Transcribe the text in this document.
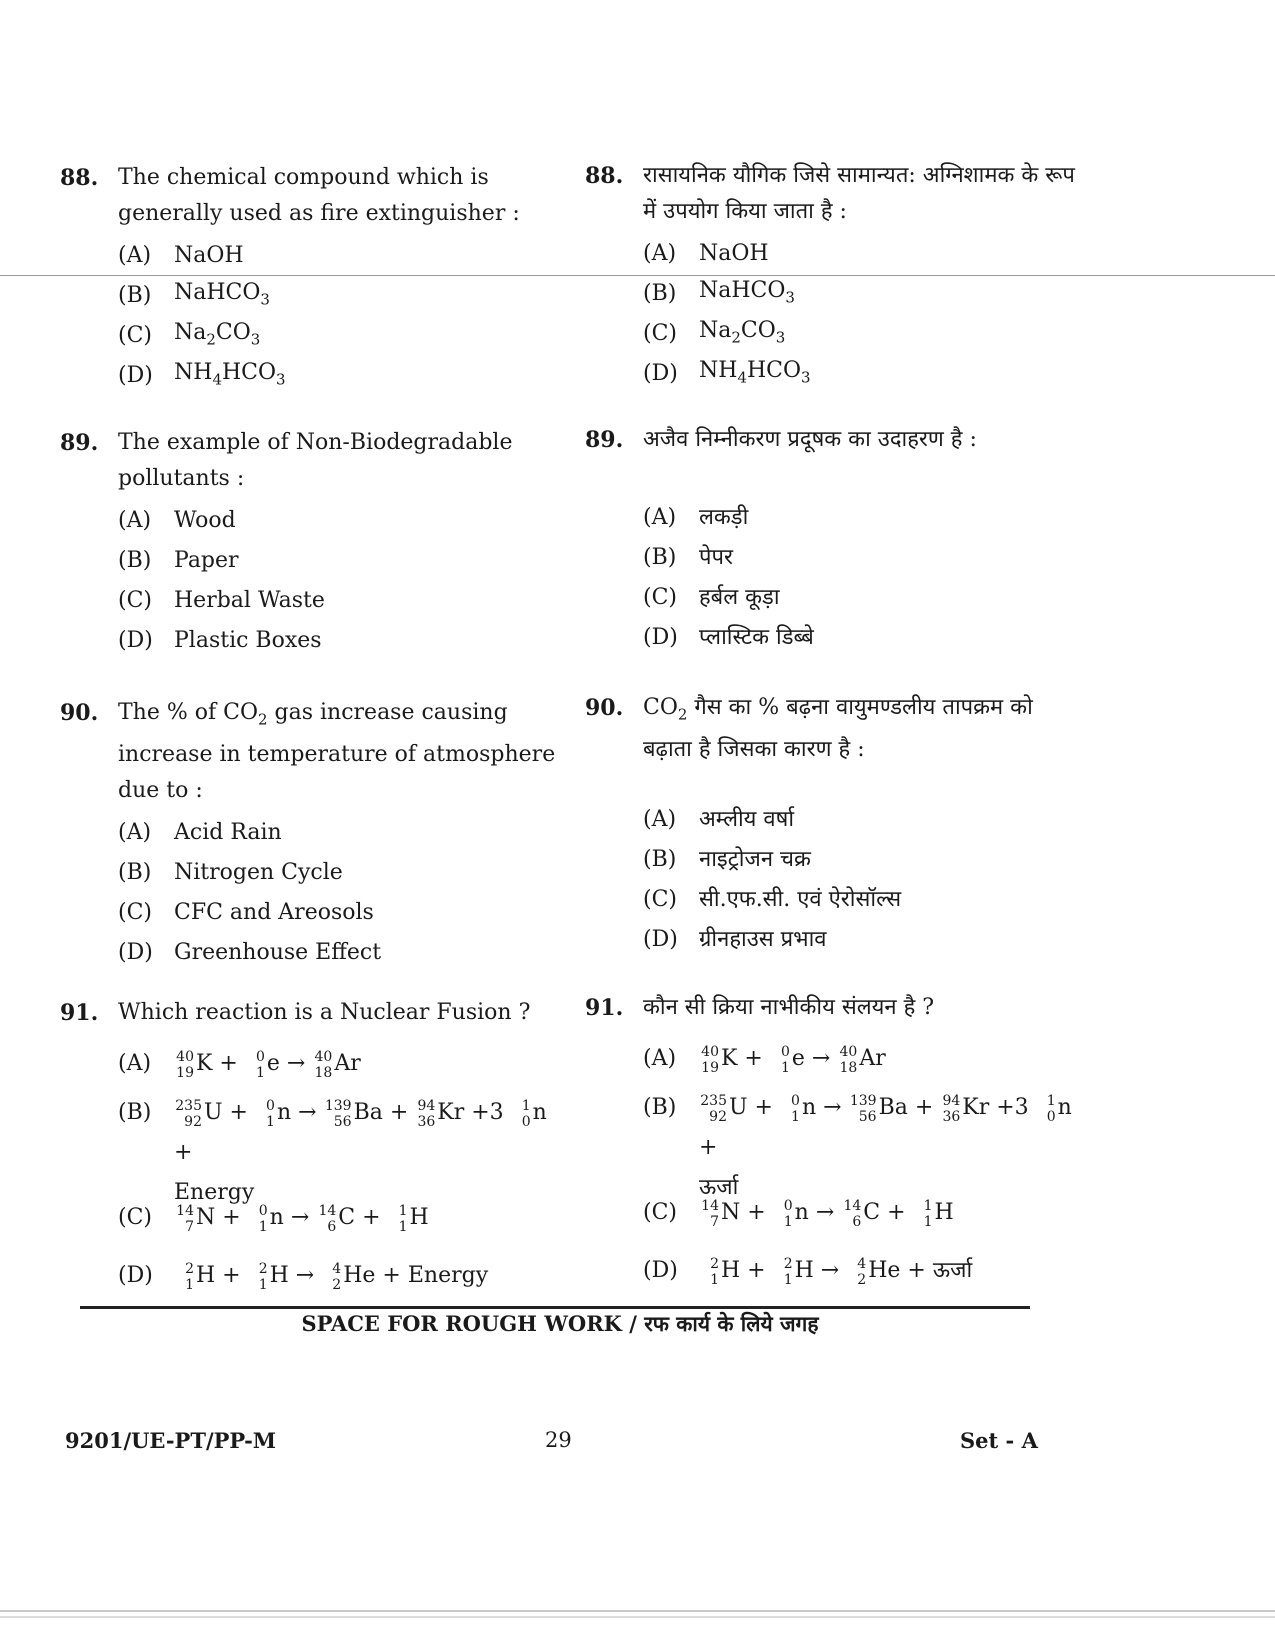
88. The chemical compound which is generally used as fire extinguisher :
(A)	NaOH
(B)	NaHCO$_3$
(C)	$Na_2CO_3$
(D) $NH_4HCO_3$
89. The example of Non-Biodegradable pollutants :
(A)	Wood
(B)	Paper
(C)	Herbal Waste
(D) Plastic Boxes
90. The % of $CO_2$ gas increase causing increase in temperature of atmosphere due to :
(A)	Acid Rain
(B)	Nitrogen Cycle
(C)	CFC and Areosols
(D) Greenhouse Effect
91. Which reaction is a Nuclear Fusion ?
(A)	40
19 K + 0
1 e → 40
18 Ar
(B)	235
92 U + 0
1 n → 139
56 Ba + 94
36 Kr +3 1
0 n +
Energy
(C)	14
7 N + 0
1 n → 14
6 C + 1
1 H
(D)	2
1 H + 2
1 H → 4
2 He + Energy
88. रासायनिक यौगिक जिसे सामान्यत: अग्निशामक के रूप में उपयोग किया जाता है :
(A)	NaOH
(B)	NaHCO$_3$
(C)	$Na_2CO_3$
(D) $NH_4HCO_3$
89. अजैव निम्नीकरण प्रदूषक का उदाहरण है :
(A)	लकड़ी
(B)	पेपर
(C)	हर्बल कूड़ा
(D) प्लास्टिक डिब्बे
90. $CO_2$ गैस का % बढ़ना वायुमण्डलीय तापक्रम को बढ़ाता है जिसका कारण है :
(A)	अम्लीय वर्षा
(B)	नाइट्रोजन चक्र
(C)	सी.एफ.सी. एवं ऐरोसॉल्स
(D) ग्रीनहाउस प्रभाव
91. कौन सी क्रिया नाभीकीय संलयन है ?
(A)	40
19 K + 0
1 e → 40
18 Ar
(B)	235
92 U + 0
1 n → 139
56 Ba + 94
36 Kr +3 1
0 n +
ऊर्जा
(C)	14
7 N + 0
1 n → 14
6 C + 1
1 H
(D)	2
1 H + 2
1 H → 4
2 He + ऊर्जा
SPACE FOR ROUGH WORK / रफ कार्य के लिये जगह
9201/UE-PT/PP-M	29	Set - A
